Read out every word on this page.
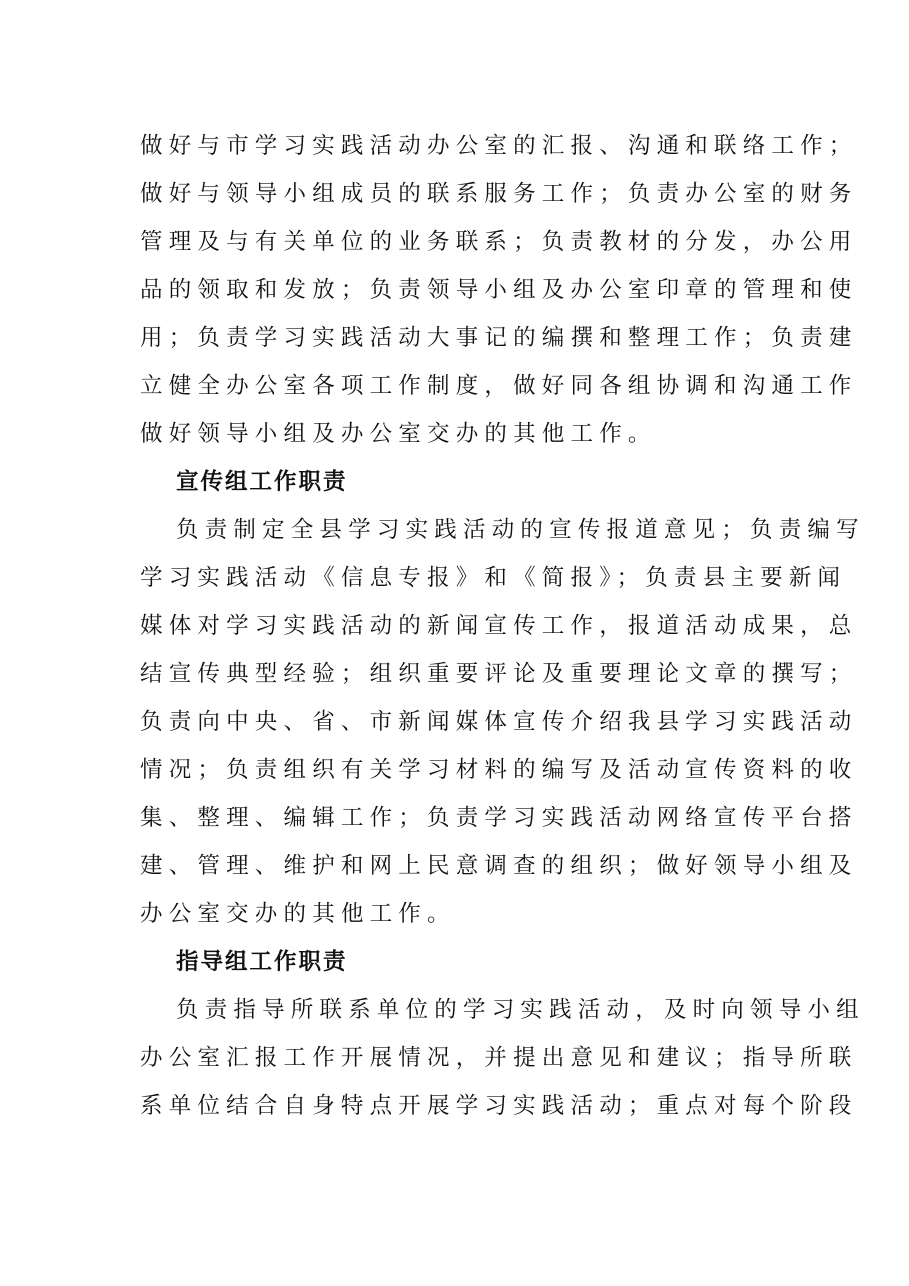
做好与市学习实践活动办公室的汇报、沟通和联络工作；
做好与领导小组成员的联系服务工作；负责办公室的财务
管理及与有关单位的业务联系；负责教材的分发，办公用
品的领取和发放；负责领导小组及办公室印章的管理和使
用；负责学习实践活动大事记的编撰和整理工作；负责建
立健全办公室各项工作制度，做好同各组协调和沟通工作
做好领导小组及办公室交办的其他工作。
宣传组工作职责
负责制定全县学习实践活动的宣传报道意见；负责编写
学习实践活动《信息专报》和《简报》；负责县主要新闻
媒体对学习实践活动的新闻宣传工作，报道活动成果，总
结宣传典型经验；组织重要评论及重要理论文章的撰写；
负责向中央、省、市新闻媒体宣传介绍我县学习实践活动
情况；负责组织有关学习材料的编写及活动宣传资料的收
集、整理、编辑工作；负责学习实践活动网络宣传平台搭
建、管理、维护和网上民意调查的组织；做好领导小组及
办公室交办的其他工作。
指导组工作职责
负责指导所联系单位的学习实践活动，及时向领导小组
办公室汇报工作开展情况，并提出意见和建议；指导所联
系单位结合自身特点开展学习实践活动；重点对每个阶段
